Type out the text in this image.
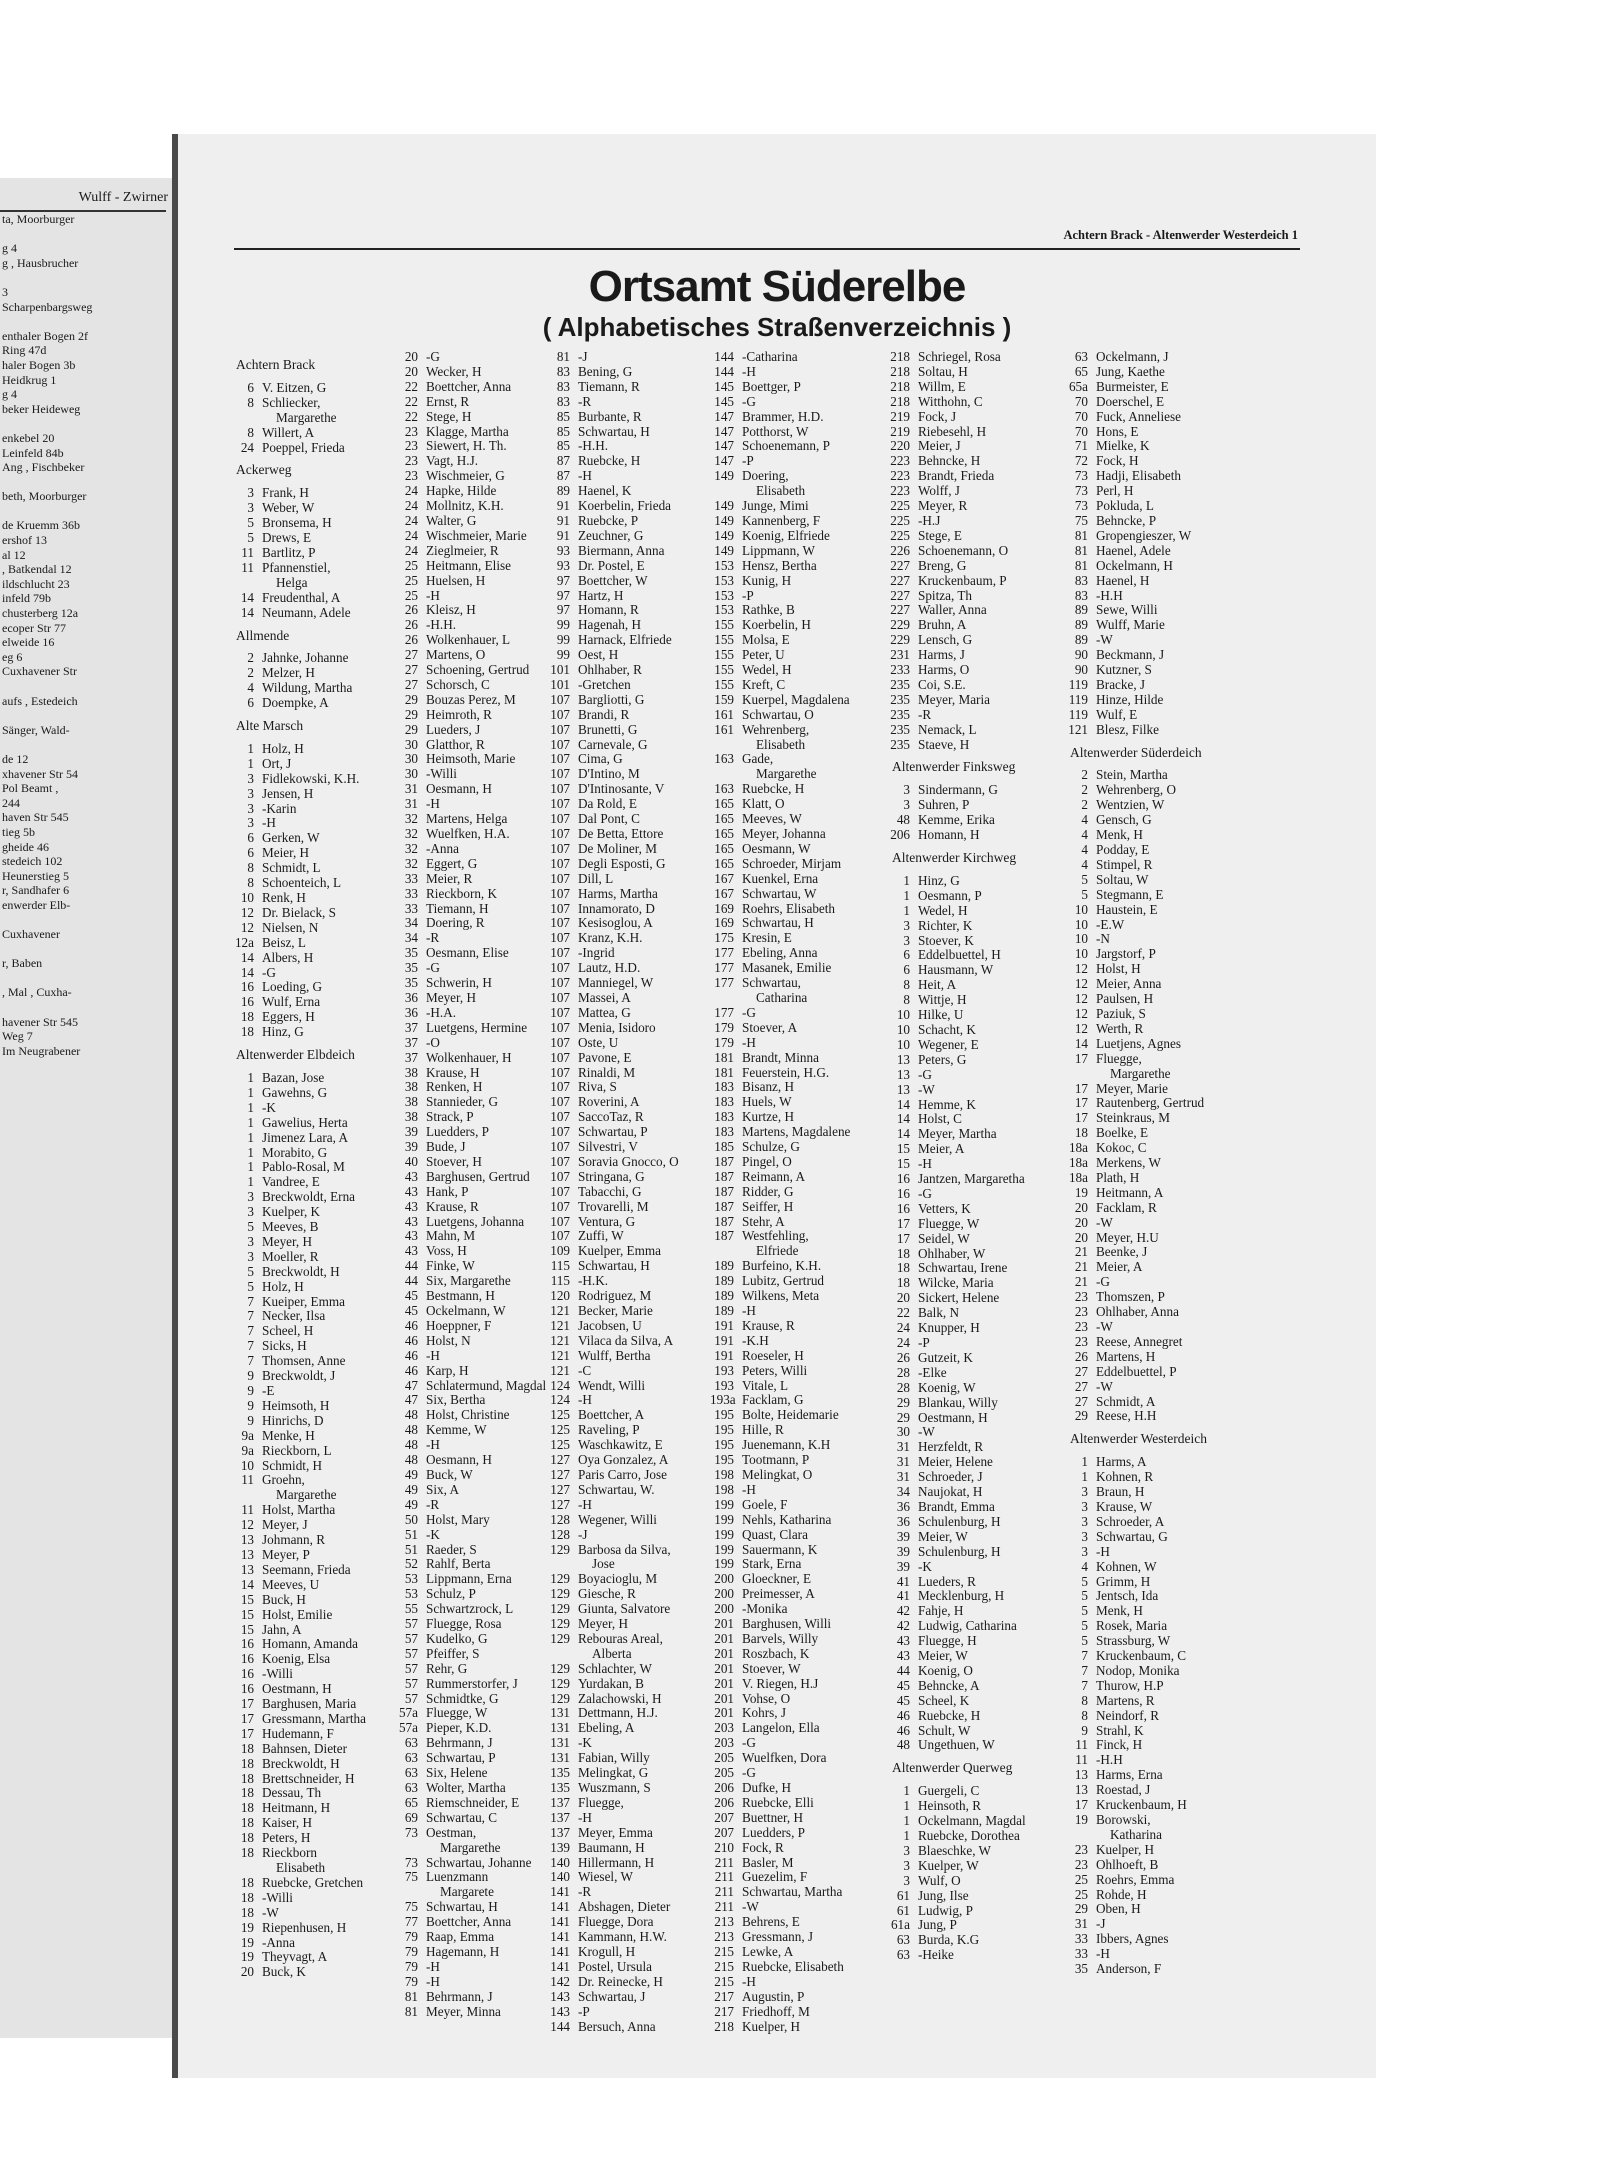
Wulff - Zwirner
ta, Moorburger

g 4
g , Hausbrucher

3
Scharpenbargsweg

enthaler Bogen 2f
Ring 47d
haler Bogen 3b
Heidkrug 1
g 4
beker Heideweg

enkebel 20
Leinfeld 84b
Ang , Fischbeker

beth, Moorburger

de Kruemm 36b
ershof 13
al 12
, Batkendal 12
ildschlucht 23
infeld 79b
chusterberg 12a
ecoper Str 77
elweide 16
eg 6
Cuxhavener Str

aufs , Estedeich

Sänger, Wald-

de 12
xhavener Str 54
Pol Beamt ,
244
haven Str 545
tieg 5b
gheide 46
stedeich 102
Heunerstieg 5
r, Sandhafer 6
enwerder Elb-

Cuxhavener

r, Baben

, Mal , Cuxha-

havener Str 545
Weg 7
Im Neugrabener
Achtern Brack - Altenwerder Westerdeich 1
Ortsamt Süderelbe
( Alphabetisches Straßenverzeichnis )
Achtern Brack
6 V. Eitzen, G
8 Schliecker,
Margarethe
8 Willert, A
24 Poeppel, Frieda
Ackerweg
3 Frank, H
3 Weber, W
5 Bronsema, H
5 Drews, E
11 Bartlitz, P
11 Pfannenstiel,
Helga
14 Freudenthal, A
14 Neumann, Adele
Allmende
2 Jahnke, Johanne
2 Melzer, H
4 Wildung, Martha
6 Doempke, A
Alte Marsch
1 Holz, H
1 Ort, J
3 Fidlekowski, K.H.
3 Jensen, H
3 -Karin
3 -H
6 Gerken, W
6 Meier, H
8 Schmidt, L
8 Schoenteich, L
10 Renk, H
12 Dr. Bielack, S
12 Nielsen, N
12a Beisz, L
14 Albers, H
14 -G
16 Loeding, G
16 Wulf, Erna
18 Eggers, H
18 Hinz, G
Altenwerder Elbdeich
1 Bazan, Jose
1 Gawehns, G
1 -K
1 Gawelius, Herta
1 Jimenez Lara, A
1 Morabito, G
1 Pablo-Rosal, M
1 Vandree, E
3 Breckwoldt, Erna
3 Kuelper, K
5 Meeves, B
3 Meyer, H
3 Moeller, R
5 Breckwoldt, H
5 Holz, H
7 Kueiper, Emma
7 Necker, Ilsa
7 Scheel, H
7 Sicks, H
7 Thomsen, Anne
9 Breckwoldt, J
9 -E
9 Heimsoth, H
9 Hinrichs, D
9a Menke, H
9a Rieckborn, L
10 Schmidt, H
11 Groehn,
Margarethe
11 Holst, Martha
12 Meyer, J
13 Johmann, R
13 Meyer, P
13 Seemann, Frieda
14 Meeves, U
15 Buck, H
15 Holst, Emilie
15 Jahn, A
16 Homann, Amanda
16 Koenig, Elsa
16 -Willi
16 Oestmann, H
17 Barghusen, Maria
17 Gressmann, Martha
17 Hudemann, F
18 Bahnsen, Dieter
18 Breckwoldt, H
18 Brettschneider, H
18 Dessau, Th
18 Heitmann, H
18 Kaiser, H
18 Peters, H
18 Rieckborn
Elisabeth
18 Ruebcke, Gretchen
18 -Willi
18 -W
19 Riepenhusen, H
19 -Anna
19 Theyvagt, A
20 Buck, K
20 -G
20 Wecker, H
22 Boettcher, Anna
22 Ernst, R
22 Stege, H
23 Klagge, Martha
23 Siewert, H. Th.
23 Vagt, H.J.
23 Wischmeier, G
24 Hapke, Hilde
24 Mollnitz, K.H.
24 Walter, G
24 Wischmeier, Marie
24 Zieglmeier, R
25 Heitmann, Elise
25 Huelsen, H
25 -H
26 Kleisz, H
26 -H.H.
26 Wolkenhauer, L
27 Martens, O
27 Schoening, Gertrud
27 Schorsch, C
29 Bouzas Perez, M
29 Heimroth, R
29 Lueders, J
30 Glatthor, R
30 Heimsoth, Marie
30 -Willi
31 Oesmann, H
31 -H
32 Martens, Helga
32 Wuelfken, H.A.
32 -Anna
32 Eggert, G
33 Meier, R
33 Rieckborn, K
33 Tiemann, H
34 Doering, R
34 -R
35 Oesmann, Elise
35 -G
35 Schwerin, H
36 Meyer, H
36 -H.A.
37 Luetgens, Hermine
37 -O
37 Wolkenhauer, H
38 Krause, H
38 Renken, H
38 Stannieder, G
38 Strack, P
39 Luedders, P
39 Bude, J
40 Stoever, H
43 Barghusen, Gertrud
43 Hank, P
43 Krause, R
43 Luetgens, Johanna
43 Mahn, M
43 Voss, H
44 Finke, W
44 Six, Margarethe
45 Bestmann, H
45 Ockelmann, W
46 Hoeppner, F
46 Holst, N
46 -H
46 Karp, H
47 Schlatermund, Magdal
47 Six, Bertha
48 Holst, Christine
48 Kemme, W
48 -H
48 Oesmann, H
49 Buck, W
49 Six, A
49 -R
50 Holst, Mary
51 -K
51 Raeder, S
52 Rahlf, Berta
53 Lippmann, Erna
53 Schulz, P
55 Schwartzrock, L
57 Fluegge, Rosa
57 Kudelko, G
57 Pfeiffer, S
57 Rehr, G
57 Rummerstorfer, J
57 Schmidtke, G
57a Fluegge, W
57a Pieper, K.D.
63 Behrmann, J
63 Schwartau, P
63 Six, Helene
63 Wolter, Martha
65 Riemschneider, E
69 Schwartau, C
73 Oestman,
Margarethe
73 Schwartau, Johanne
75 Luenzmann
Margarete
75 Schwartau, H
77 Boettcher, Anna
79 Raap, Emma
79 Hagemann, H
79 -H
79 -H
81 Behrmann, J
81 Meyer, Minna
81 -J
83 Bening, G
83 Tiemann, R
83 -R
85 Burbante, R
85 Schwartau, H
85 -H.H.
87 Ruebcke, H
87 -H
89 Haenel, K
91 Koerbelin, Frieda
91 Ruebcke, P
91 Zeuchner, G
93 Biermann, Anna
93 Dr. Postel, E
97 Boettcher, W
97 Hartz, H
97 Homann, R
99 Hagenah, H
99 Harnack, Elfriede
99 Oest, H
101 Ohlhaber, R
101 -Gretchen
107 Bargliotti, G
107 Brandi, R
107 Brunetti, G
107 Carnevale, G
107 Cima, G
107 D'Intino, M
107 D'Intinosante, V
107 Da Rold, E
107 Dal Pont, C
107 De Betta, Ettore
107 De Moliner, M
107 Degli Esposti, G
107 Dill, L
107 Harms, Martha
107 Innamorato, D
107 Kesisoglou, A
107 Kranz, K.H.
107 -Ingrid
107 Lautz, H.D.
107 Manniegel, W
107 Massei, A
107 Mattea, G
107 Menia, Isidoro
107 Oste, U
107 Pavone, E
107 Rinaldi, M
107 Riva, S
107 Roverini, A
107 SaccoTaz, R
107 Schwartau, P
107 Silvestri, V
107 Soravia Gnocco, O
107 Stringana, G
107 Tabacchi, G
107 Trovarelli, M
107 Ventura, G
107 Zuffi, W
109 Kuelper, Emma
115 Schwartau, H
115 -H.K.
120 Rodriguez, M
121 Becker, Marie
121 Jacobsen, U
121 Vilaca da Silva, A
121 Wulff, Bertha
121 -C
124 Wendt, Willi
124 -H
125 Boettcher, A
125 Raveling, P
125 Waschkawitz, E
127 Oya Gonzalez, A
127 Paris Carro, Jose
127 Schwartau, W.
127 -H
128 Wegener, Willi
128 -J
129 Barbosa da Silva,
Jose
129 Boyacioglu, M
129 Giesche, R
129 Giunta, Salvatore
129 Meyer, H
129 Rebouras Areal,
Alberta
129 Schlachter, W
129 Yurdakan, B
129 Zalachowski, H
131 Dettmann, H.J.
131 Ebeling, A
131 -K
131 Fabian, Willy
135 Melingkat, G
135 Wuszmann, S
137 Fluegge,
137 -H
137 Meyer, Emma
139 Baumann, H
140 Hillermann, H
140 Wiesel, W
141 -R
141 Abshagen, Dieter
141 Fluegge, Dora
141 Kammann, H.W.
141 Krogull, H
141 Postel, Ursula
142 Dr. Reinecke, H
143 Schwartau, J
143 -P
144 Bersuch, Anna
144 -Catharina
144 -H
145 Boettger, P
145 -G
147 Brammer, H.D.
147 Potthorst, W
147 Schoenemann, P
147 -P
149 Doering,
Elisabeth
149 Junge, Mimi
149 Kannenberg, F
149 Koenig, Elfriede
149 Lippmann, W
153 Hensz, Bertha
153 Kunig, H
153 -P
153 Rathke, B
155 Koerbelin, H
155 Molsa, E
155 Peter, U
155 Wedel, H
155 Kreft, C
159 Kuerpel, Magdalena
161 Schwartau, O
161 Wehrenberg,
Elisabeth
163 Gade,
Margarethe
163 Ruebcke, H
165 Klatt, O
165 Meeves, W
165 Meyer, Johanna
165 Oesmann, W
165 Schroeder, Mirjam
167 Kuenkel, Erna
167 Schwartau, W
169 Roehrs, Elisabeth
169 Schwartau, H
175 Kresin, E
177 Ebeling, Anna
177 Masanek, Emilie
177 Schwartau,
Catharina
177 -G
179 Stoever, A
179 -H
181 Brandt, Minna
181 Feuerstein, H.G.
183 Bisanz, H
183 Huels, W
183 Kurtze, H
183 Martens, Magdalene
185 Schulze, G
187 Pingel, O
187 Reimann, A
187 Ridder, G
187 Seiffer, H
187 Stehr, A
187 Westfehling,
Elfriede
189 Burfeino, K.H.
189 Lubitz, Gertrud
189 Wilkens, Meta
189 -H
191 Krause, R
191 -K.H
191 Roeseler, H
193 Peters, Willi
193 Vitale, L
193a Facklam, G
195 Bolte, Heidemarie
195 Hille, R
195 Juenemann, K.H
195 Tootmann, P
198 Melingkat, O
198 -H
199 Goele, F
199 Nehls, Katharina
199 Quast, Clara
199 Sauermann, K
199 Stark, Erna
200 Gloeckner, E
200 Preimesser, A
200 -Monika
201 Barghusen, Willi
201 Barvels, Willy
201 Roszbach, K
201 Stoever, W
201 V. Riegen, H.J
201 Vohse, O
201 Kohrs, J
203 Langelon, Ella
203 -G
205 Wuelfken, Dora
205 -G
206 Dufke, H
206 Ruebcke, Elli
207 Buettner, H
207 Luedders, P
210 Fock, R
211 Basler, M
211 Guezelim, F
211 Schwartau, Martha
211 -W
213 Behrens, E
213 Gressmann, J
215 Lewke, A
215 Ruebcke, Elisabeth
215 -H
217 Augustin, P
217 Friedhoff, M
218 Kuelper, H
218 Schriegel, Rosa
218 Soltau, H
218 Willm, E
218 Witthohn, C
219 Fock, J
219 Riebesehl, H
220 Meier, J
223 Behncke, H
223 Brandt, Frieda
223 Wolff, J
225 Meyer, R
225 -H.J
225 Stege, E
226 Schoenemann, O
227 Breng, G
227 Kruckenbaum, P
227 Spitza, Th
227 Waller, Anna
229 Bruhn, A
229 Lensch, G
231 Harms, J
233 Harms, O
235 Coi, S.E.
235 Meyer, Maria
235 -R
235 Nemack, L
235 Staeve, H
Altenwerder Finksweg
3 Sindermann, G
3 Suhren, P
48 Kemme, Erika
206 Homann, H
Altenwerder Kirchweg
1 Hinz, G
1 Oesmann, P
1 Wedel, H
3 Richter, K
3 Stoever, K
6 Eddelbuettel, H
6 Hausmann, W
8 Heit, A
8 Wittje, H
10 Hilke, U
10 Schacht, K
10 Wegener, E
13 Peters, G
13 -G
13 -W
14 Hemme, K
14 Holst, C
14 Meyer, Martha
15 Meier, A
15 -H
16 Jantzen, Margaretha
16 -G
16 Vetters, K
17 Fluegge, W
17 Seidel, W
18 Ohlhaber, W
18 Schwartau, Irene
18 Wilcke, Maria
20 Sickert, Helene
22 Balk, N
24 Knupper, H
24 -P
26 Gutzeit, K
28 -Elke
28 Koenig, W
29 Blankau, Willy
29 Oestmann, H
30 -W
31 Herzfeldt, R
31 Meier, Helene
31 Schroeder, J
34 Naujokat, H
36 Brandt, Emma
36 Schulenburg, H
39 Meier, W
39 Schulenburg, H
39 -K
41 Lueders, R
41 Mecklenburg, H
42 Fahje, H
42 Ludwig, Catharina
43 Fluegge, H
43 Meier, W
44 Koenig, O
45 Behncke, A
45 Scheel, K
46 Ruebcke, H
46 Schult, W
48 Ungethuen, W
Altenwerder Querweg
1 Guergeli, C
1 Heinsoth, R
1 Ockelmann, Magdal
1 Ruebcke, Dorothea
3 Blaeschke, W
3 Kuelper, W
3 Wulf, O
61 Jung, Ilse
61 Ludwig, P
61a Jung, P
63 Burda, K.G
63 -Heike
63 Ockelmann, J
65 Jung, Kaethe
65a Burmeister, E
70 Doerschel, E
70 Fuck, Anneliese
70 Hons, E
71 Mielke, K
72 Fock, H
73 Hadji, Elisabeth
73 Perl, H
73 Pokluda, L
75 Behncke, P
81 Gropengieszer, W
81 Haenel, Adele
81 Ockelmann, H
83 Haenel, H
83 -H.H
89 Sewe, Willi
89 Wulff, Marie
89 -W
90 Beckmann, J
90 Kutzner, S
119 Bracke, J
119 Hinze, Hilde
119 Wulf, E
121 Blesz, Filke
Altenwerder Süderdeich
2 Stein, Martha
2 Wehrenberg, O
2 Wentzien, W
4 Gensch, G
4 Menk, H
4 Podday, E
4 Stimpel, R
5 Soltau, W
5 Stegmann, E
10 Haustein, E
10 -E.W
10 -N
10 Jargstorf, P
12 Holst, H
12 Meier, Anna
12 Paulsen, H
12 Paziuk, S
12 Werth, R
14 Luetjens, Agnes
17 Fluegge,
Margarethe
17 Meyer, Marie
17 Rautenberg, Gertrud
17 Steinkraus, M
18 Boelke, E
18a Kokoc, C
18a Merkens, W
18a Plath, H
19 Heitmann, A
20 Facklam, R
20 -W
20 Meyer, H.U
21 Beenke, J
21 Meier, A
21 -G
23 Thomszen, P
23 Ohlhaber, Anna
23 -W
23 Reese, Annegret
26 Martens, H
27 Eddelbuettel, P
27 -W
27 Schmidt, A
29 Reese, H.H
Altenwerder Westerdeich
1 Harms, A
1 Kohnen, R
3 Braun, H
3 Krause, W
3 Schroeder, A
3 Schwartau, G
3 -H
4 Kohnen, W
5 Grimm, H
5 Jentsch, Ida
5 Menk, H
5 Rosek, Maria
5 Strassburg, W
7 Kruckenbaum, C
7 Nodop, Monika
7 Thurow, H.P
8 Martens, R
8 Neindorf, R
9 Strahl, K
11 Finck, H
11 -H.H
13 Harms, Erna
13 Roestad, J
17 Kruckenbaum, H
19 Borowski,
Katharina
23 Kuelper, H
23 Ohlhoeft, B
25 Roehrs, Emma
25 Rohde, H
29 Oben, H
31 -J
33 Ibbers, Agnes
33 -H
35 Anderson, F
